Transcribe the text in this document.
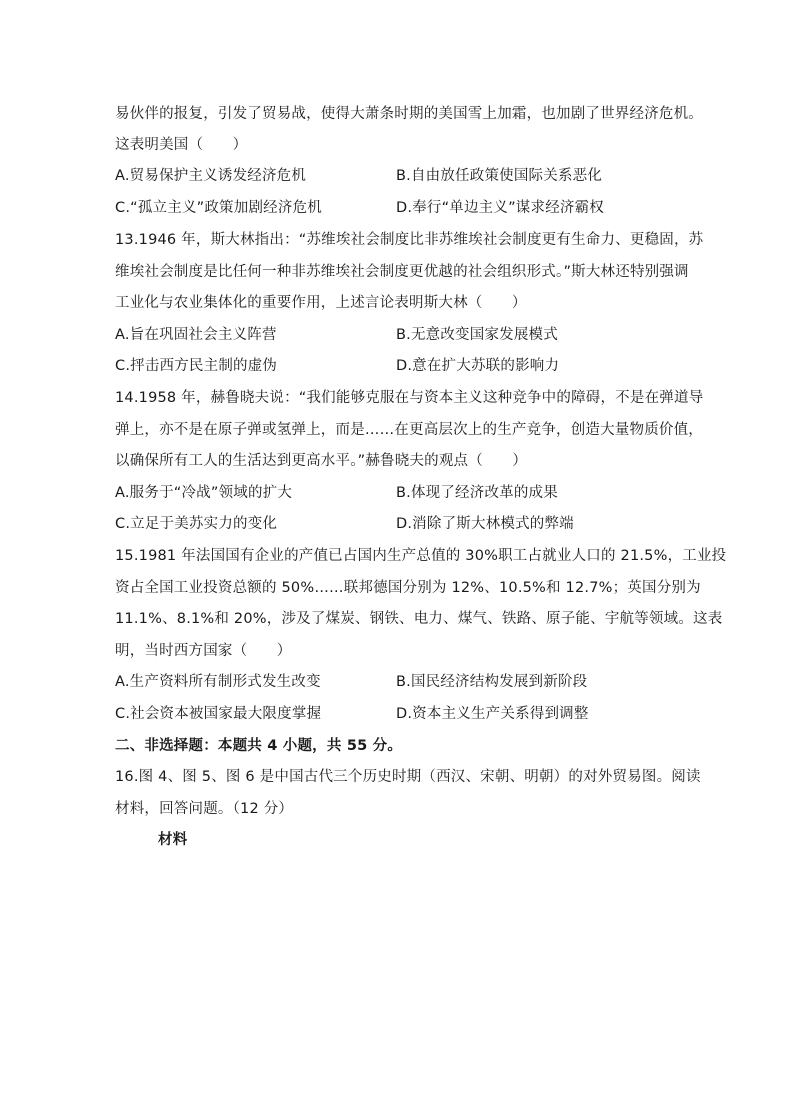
易伙伴的报复，引发了贸易战，使得大萧条时期的美国雪上加霜，也加剧了世界经济危机。
这表明美国（　　）
A.贸易保护主义诱发经济危机	B.自由放任政策使国际关系恶化
C.“孤立主义”政策加剧经济危机	D.奉行“单边主义”谋求经济霸权
13.1946 年，斯大林指出：“苏维埃社会制度比非苏维埃社会制度更有生命力、更稳固，苏
维埃社会制度是比任何一种非苏维埃社会制度更优越的社会组织形式。”斯大林还特别强调
工业化与农业集体化的重要作用，上述言论表明斯大林（　　）
A.旨在巩固社会主义阵营	B.无意改变国家发展模式
C.抨击西方民主制的虚伪	D.意在扩大苏联的影响力
14.1958 年，赫鲁晓夫说：“我们能够克服在与资本主义这种竞争中的障碍，不是在弹道导
弹上，亦不是在原子弹或氢弹上，而是……在更高层次上的生产竞争，创造大量物质价值，
以确保所有工人的生活达到更高水平。”赫鲁晓夫的观点（　　）
A.服务于“冷战”领域的扩大	B.体现了经济改革的成果
C.立足于美苏实力的变化	D.消除了斯大林模式的弊端
15.1981 年法国国有企业的产值已占国内生产总值的 30%职工占就业人口的 21.5%，工业投
资占全国工业投资总额的 50%……联邦德国分别为 12%、10.5%和 12.7%；英国分别为
11.1%、8.1%和 20%，涉及了煤炭、钢铁、电力、煤气、铁路、原子能、宇航等领域。这表
明，当时西方国家（　　）
A.生产资料所有制形式发生改变	B.国民经济结构发展到新阶段
C.社会资本被国家最大限度掌握	D.资本主义生产关系得到调整
二、非选择题：本题共 4 小题，共 55 分。
16.图 4、图 5、图 6 是中国古代三个历史时期（西汉、宋朝、明朝）的对外贸易图。阅读
材料，回答问题。（12 分）
材料
